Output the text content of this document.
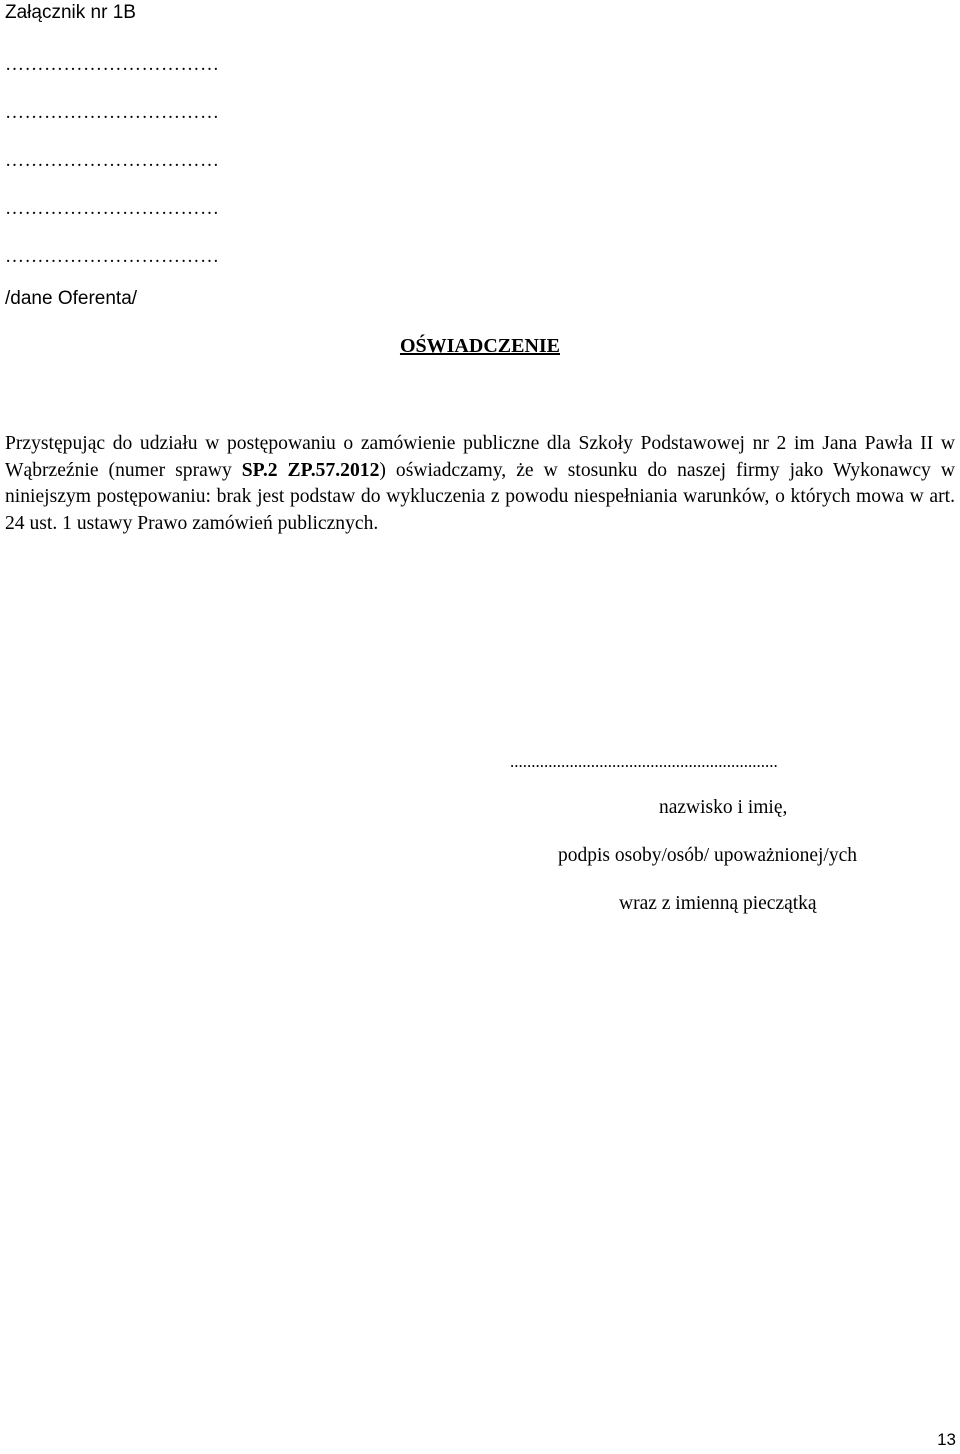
Załącznik nr 1B
……………………………
……………………………
……………………………
……………………………
……………………………
/dane Oferenta/
OŚWIADCZENIE
Przystępując do udziału w postępowaniu o zamówienie publiczne dla Szkoły Podstawowej nr 2 im Jana Pawła II w Wąbrzeźnie (numer sprawy SP.2 ZP.57.2012) oświadczamy, że w stosunku do naszej firmy jako Wykonawcy w niniejszym postępowaniu: brak jest podstaw do wykluczenia z powodu niespełniania warunków, o których mowa w art. 24 ust. 1 ustawy Prawo zamówień publicznych.
...............................................................
nazwisko i imię,
podpis osoby/osób/ upoważnionej/ych
wraz z imienną pieczątką
13
